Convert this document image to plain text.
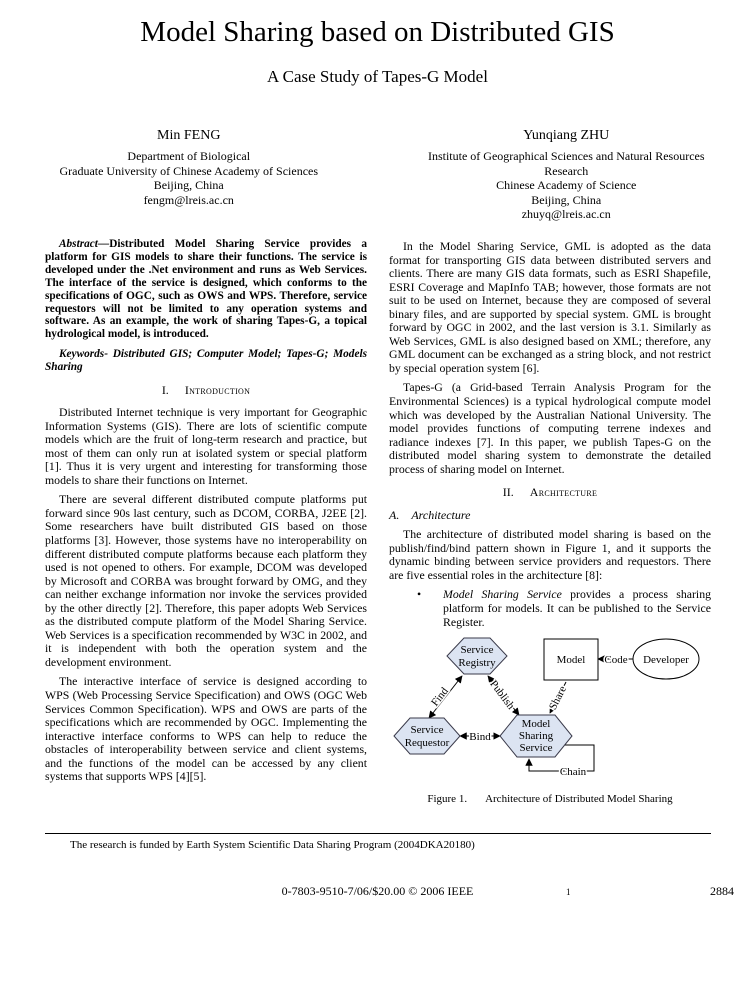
Model Sharing based on Distributed GIS
A Case Study of Tapes-G Model
Min FENG
Department of Biological
Graduate University of Chinese Academy of Sciences
Beijing, China
fengm@lreis.ac.cn
Yunqiang ZHU
Institute of Geographical Sciences and Natural Resources Research
Chinese Academy of Science
Beijing, China
zhuyq@lreis.ac.cn

Abstract—Distributed Model Sharing Service provides a platform for GIS models to share their functions. The service is developed under the .Net environment and runs as Web Services. The interface of the service is designed, which conforms to the specifications of OGC, such as OWS and WPS. Therefore, service requestors will not be limited to any operation systems and software. As an example, the work of sharing Tapes-G, a topical hydrological model, is introduced.

Keywords- Distributed GIS; Computer Model; Tapes-G; Models Sharing

I. Introduction

Distributed Internet technique is very important for Geographic Information Systems (GIS). There are lots of scientific compute models which are the fruit of long-term research and practice, but most of them can only run at isolated system or special platform [1]. Thus it is very urgent and interesting for transforming those models to share their functions on Internet.

There are several different distributed compute platforms put forward since 90s last century, such as DCOM, CORBA, J2EE [2]. Some researchers have built distributed GIS based on those platforms [3]. However, those systems have no interoperability on different distributed compute platforms because each platform they used is not opened to others. For example, DCOM was developed by Microsoft and CORBA was brought forward by OMG, and they can neither exchange information nor invoke the services provided by the other directly [2]. Therefore, this paper adopts Web Services as the distributed compute platform of the Model Sharing Service. Web Services is a specification recommended by W3C in 2002, and it is independent with both the operation system and the development environment.

The interactive interface of service is designed according to WPS (Web Processing Service Specification) and OWS (OGC Web Services Common Specification). WPS and OWS are parts of the specifications which are recommended by OGC. Implementing the interactive interface conforms to WPS can help to reduce the obstacles of interoperability between service and client systems, and the functions of the model can be accessed by any client systems that supports WPS [4][5].

In the Model Sharing Service, GML is adopted as the data format for transporting GIS data between distributed servers and clients. There are many GIS data formats, such as ESRI Shapefile, ESRI Coverage and MapInfo TAB; however, those formats are not suit to be used on Internet, because they are composed of several binary files, and are supported by special system. GML is brought forward by OGC in 2002, and the last version is 3.1. Similarly as Web Services, GML is also designed based on XML; therefore, any GML document can be exchanged as a string block, and not restrict by special operation system [6].

Tapes-G (a Grid-based Terrain Analysis Program for the Environmental Sciences) is a typical hydrological compute model which was developed by the Australian National University. The model provides functions of computing terrene indexes and radiance indexes [7]. In this paper, we publish Tapes-G on the distributed model sharing system to demonstrate the detailed process of sharing model on Internet.

II. Architecture
A. Architecture

The architecture of distributed model sharing is based on the publish/find/bind pattern shown in Figure 1, and it supports the dynamic binding between service providers and requestors. There are five essential roles in the architecture [8]:

•	Model Sharing Service provides a process sharing platform for models. It can be published to the Service Register.
Service
Registry	Model	Developer
Service
Requestor
Model
Sharing
Service
Find	Publish
Bind
Code
Share
Chain
Figure 1. Architecture of Distributed Model Sharing

The research is funded by Earth System Scientific Data Sharing Program (2004DKA20180)

0-7803-9510-7/06/$20.00 © 2006 IEEE	1	2884
